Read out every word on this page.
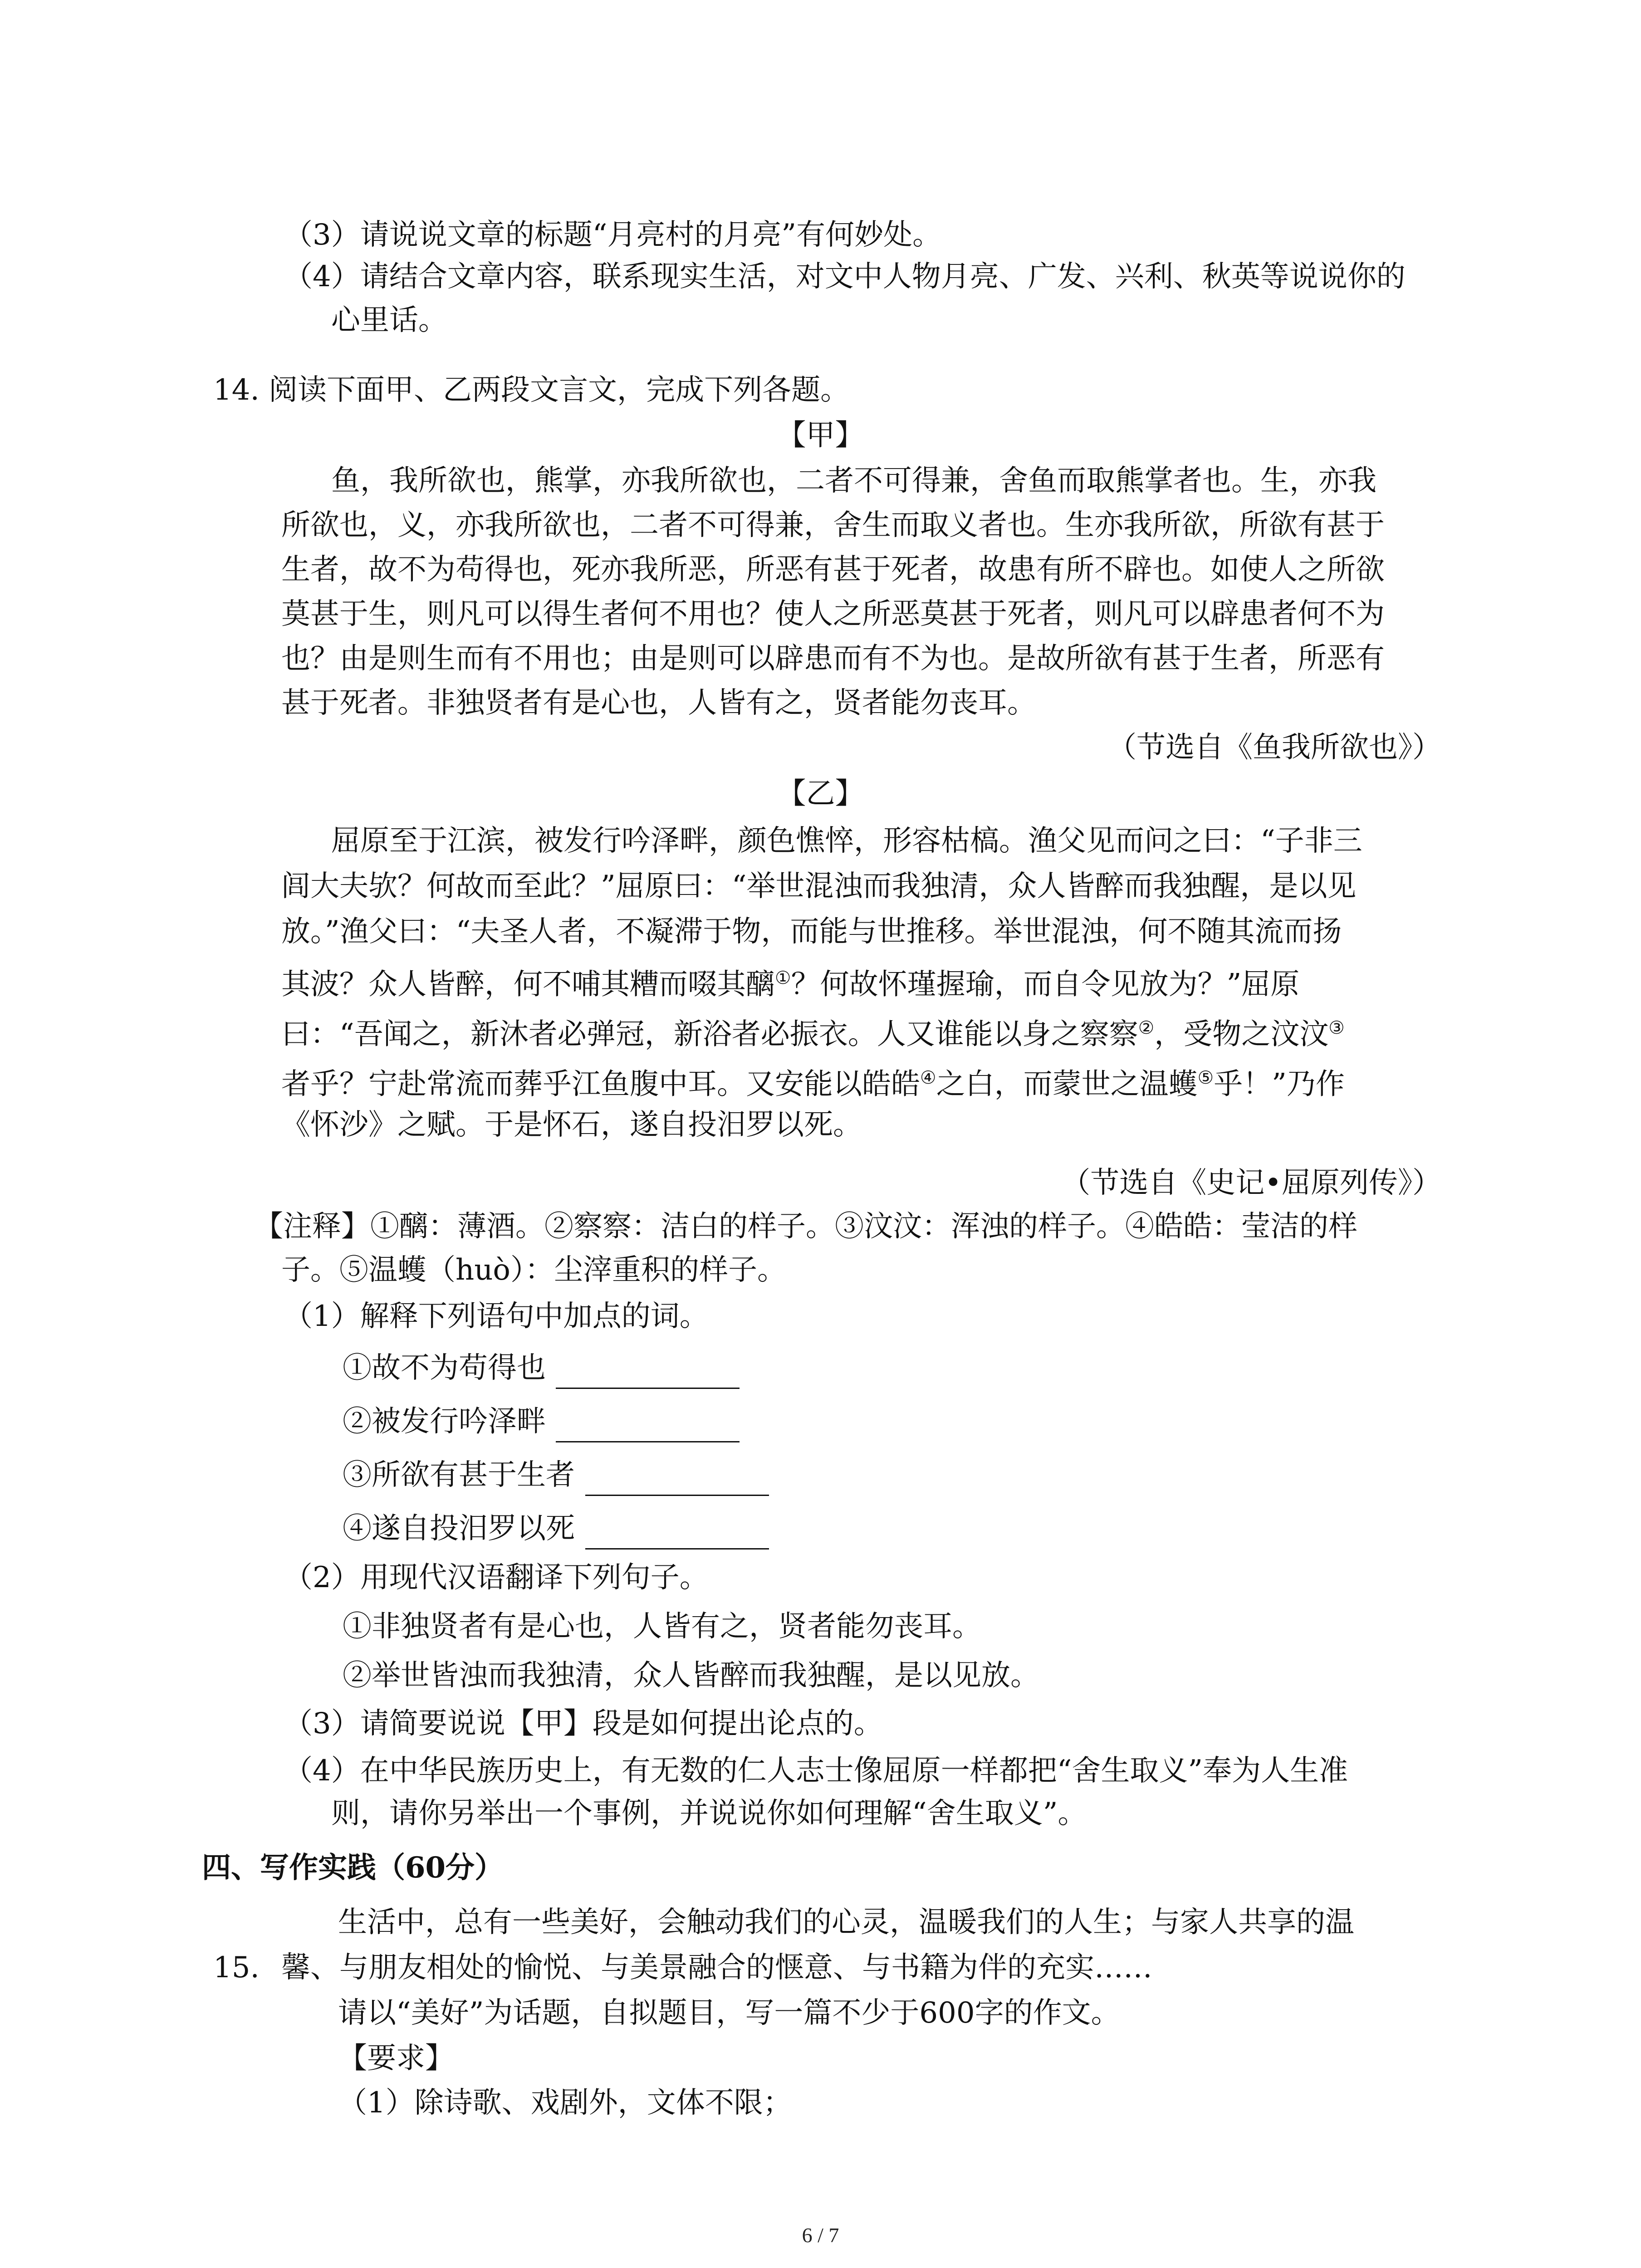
（3）请说说文章的标题“月亮村的月亮”有何妙处。
（4）请结合文章内容，联系现实生活，对文中人物月亮、广发、兴利、秋英等说说你的
心里话。
14. 阅读下面甲、乙两段文言文，完成下列各题。
【甲】
鱼，我所欲也，熊掌，亦我所欲也，二者不可得兼，舍鱼而取熊掌者也。生，亦我
所欲也，义，亦我所欲也，二者不可得兼，舍生而取义者也。生亦我所欲，所欲有甚于
生者，故不为苟得也，死亦我所恶，所恶有甚于死者，故患有所不辟也。如使人之所欲
莫甚于生，则凡可以得生者何不用也？使人之所恶莫甚于死者，则凡可以辟患者何不为
也？由是则生而有不用也；由是则可以辟患而有不为也。是故所欲有甚于生者，所恶有
甚于死者。非独贤者有是心也，人皆有之，贤者能勿丧耳。
（节选自《鱼我所欲也》）
【乙】
屈原至于江滨，被发行吟泽畔，颜色憔悴，形容枯槁。渔父见而问之曰：“子非三
闾大夫欤？何故而至此？”屈原曰：“举世混浊而我独清，众人皆醉而我独醒，是以见
放。”渔父曰：“夫圣人者，不凝滞于物，而能与世推移。举世混浊，何不随其流而扬
其波？众人皆醉，何不哺其糟而啜其醨①？何故怀瑾握瑜，而自令见放为？”屈原
曰：“吾闻之，新沐者必弹冠，新浴者必振衣。人又谁能以身之察察②，受物之汶汶③
者乎？宁赴常流而葬乎江鱼腹中耳。又安能以皓皓④之白，而蒙世之温蠖⑤乎！”乃作
《怀沙》之赋。于是怀石，遂自投汨罗以死。
（节选自《史记•屈原列传》）
【注释】①醨：薄酒。②察察：洁白的样子。③汶汶：浑浊的样子。④皓皓：莹洁的样
子。⑤温蠖（huò）：尘滓重积的样子。
（1）解释下列语句中加点的词。
①故不为苟得也
②被发行吟泽畔
③所欲有甚于生者
④遂自投汨罗以死
（2）用现代汉语翻译下列句子。
①非独贤者有是心也，人皆有之，贤者能勿丧耳。
②举世皆浊而我独清，众人皆醉而我独醒，是以见放。
（3）请简要说说【甲】段是如何提出论点的。
（4）在中华民族历史上，有无数的仁人志士像屈原一样都把“舍生取义”奉为人生准
则，请你另举出一个事例，并说说你如何理解“舍生取义”。
四、写作实践（60分）
生活中，总有一些美好，会触动我们的心灵，温暖我们的人生；与家人共享的温
15. 馨、与朋友相处的愉悦、与美景融合的惬意、与书籍为伴的充实……
请以“美好”为话题，自拟题目，写一篇不少于600字的作文。
【要求】
（1）除诗歌、戏剧外，文体不限；
6 / 7
